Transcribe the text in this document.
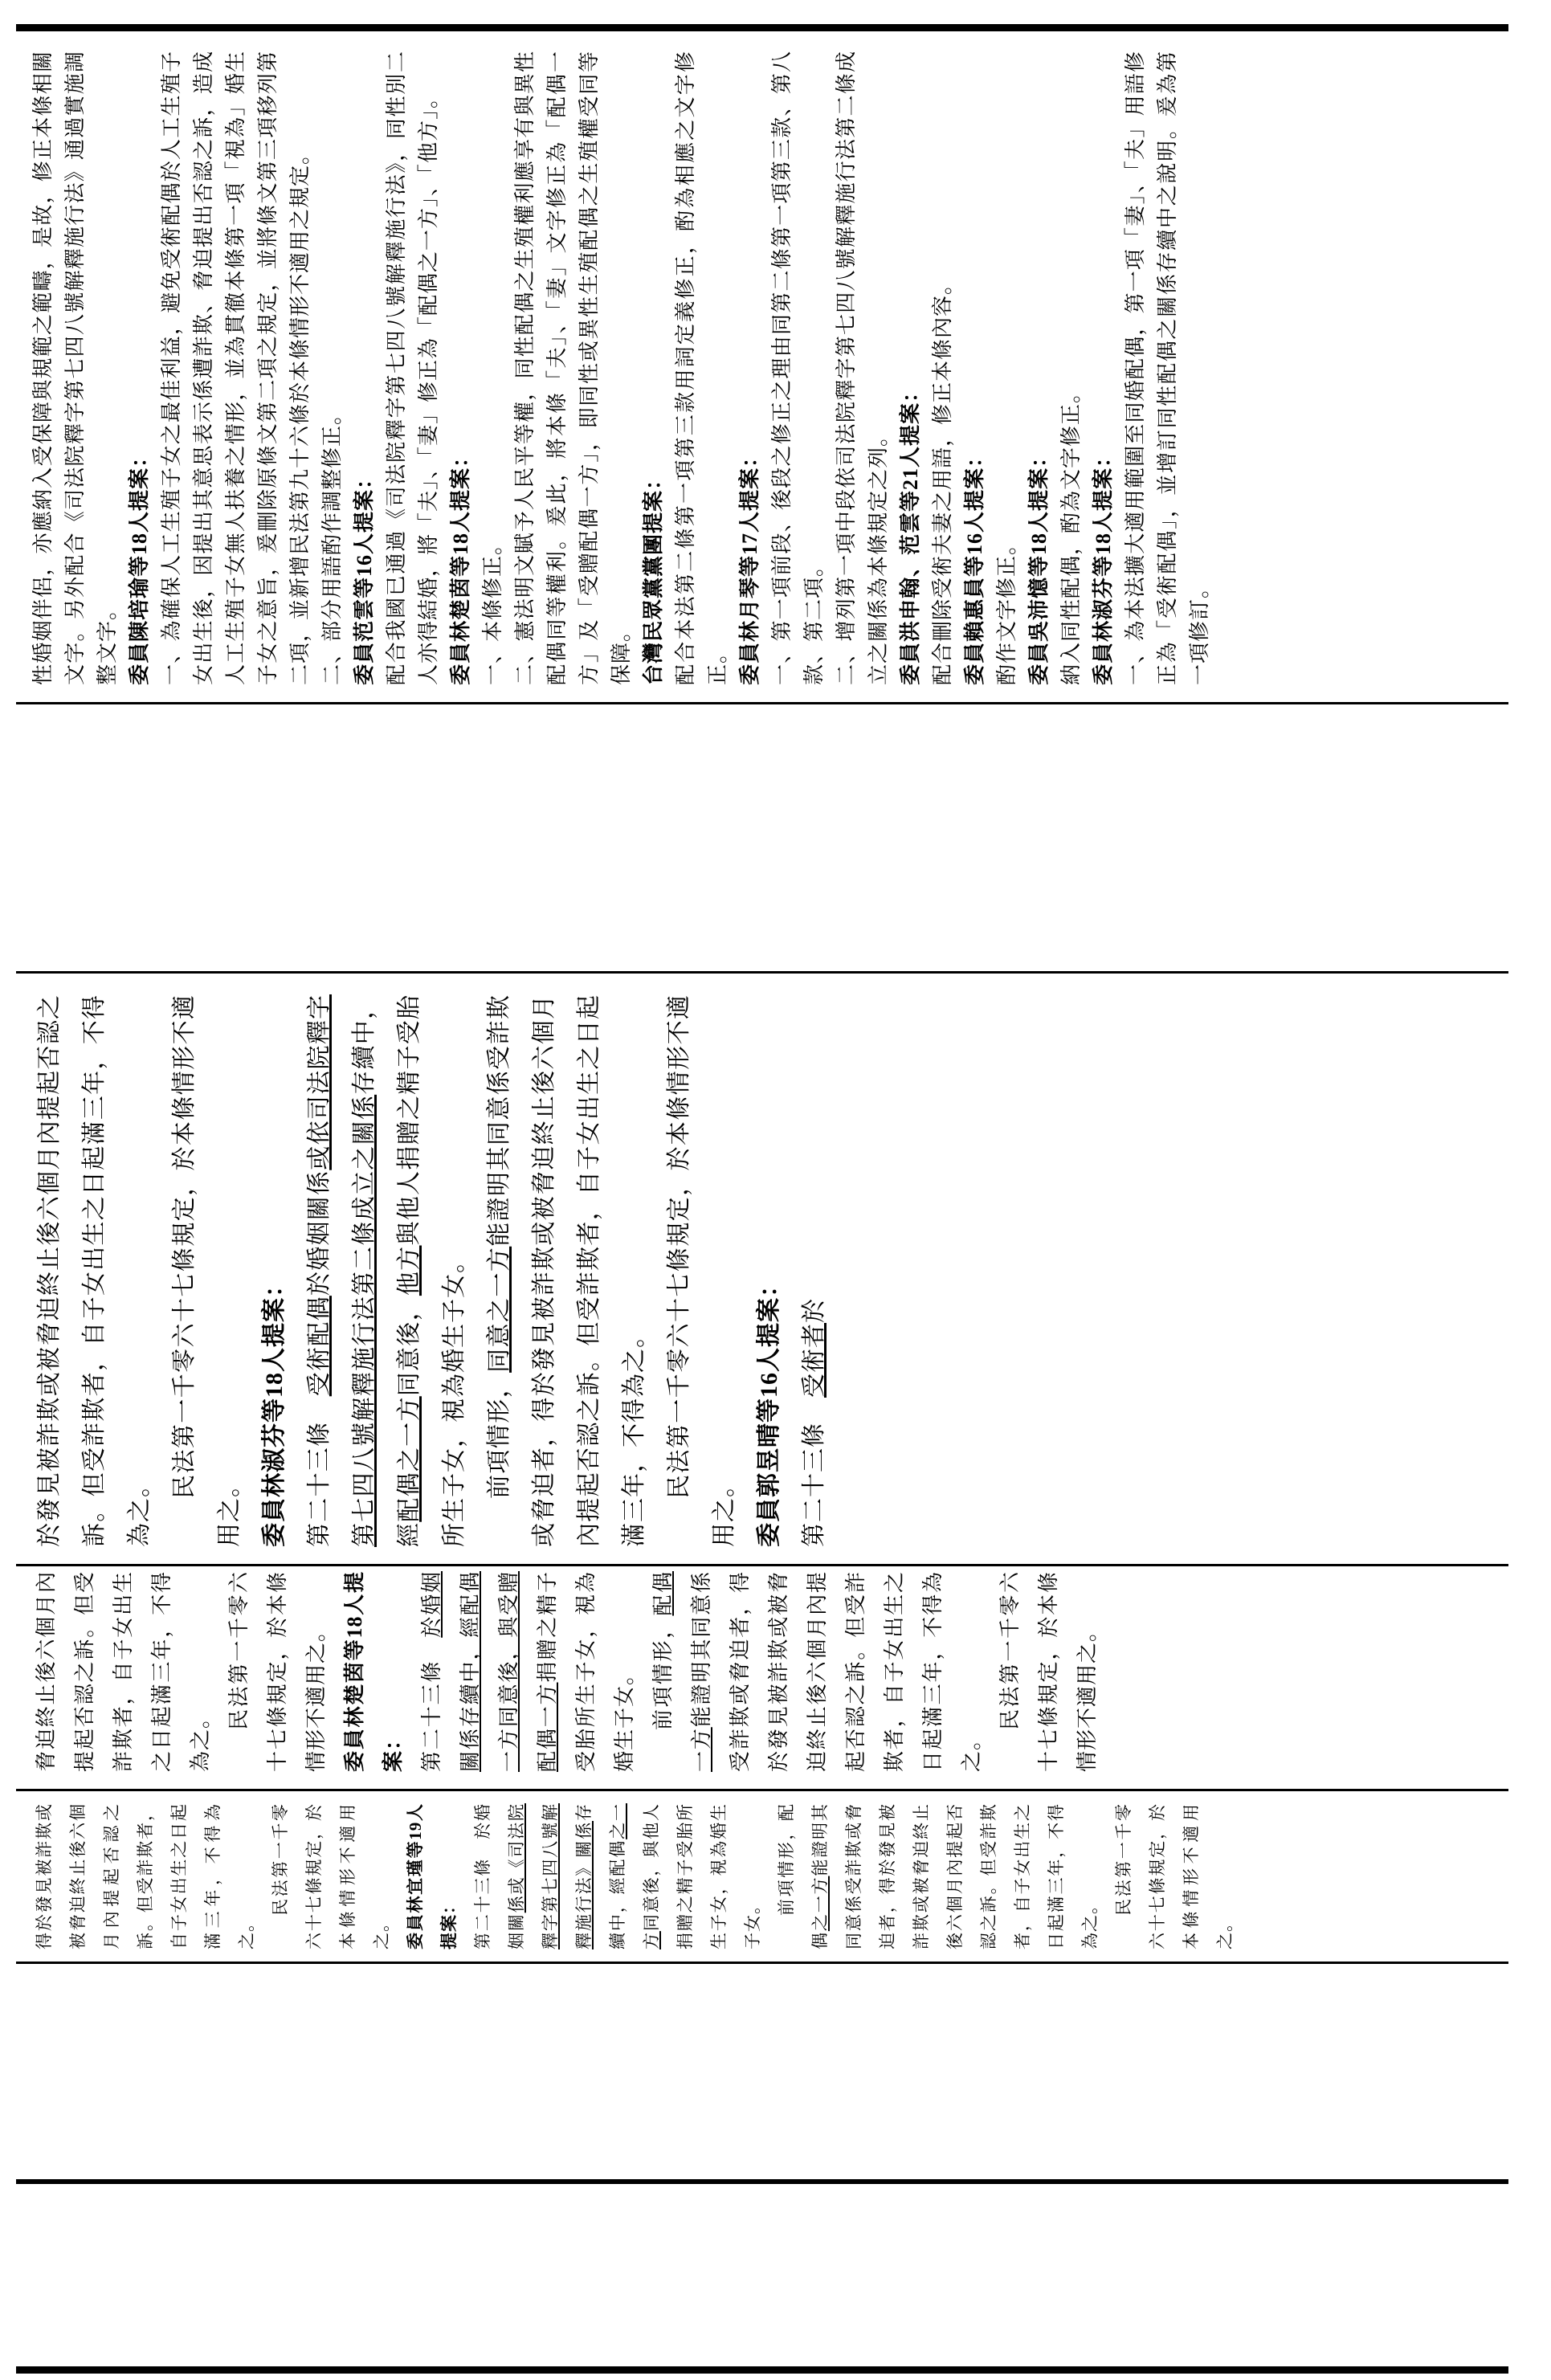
性婚姻伴侶，亦應納入受保障與規範之範疇，是故，修正本條相關文字。另外配合《司法院釋字第七四八號解釋施行法》通過實施調整文字。 委員陳培瑜等18人提案： 一、為確保人工生殖子女之最佳利益，避免受術配偶於人工生殖子女出生後，因提出其意思表示係遭詐欺、脅迫提出否認之訴，造成人工生殖子女無人扶養之情形，並為貫徹本條第一項「視為」婚生子女之意旨，爰刪除原條文第二項之規定，並將條文第三項移列第二項，並新增民法第九十六條於本條情形不適用之規定。 二、部分用語酌作調整修正。 委員范雲等16人提案： 配合我國已通過《司法院釋字第七四八號解釋施行法》，同性別二人亦得結婚，將「夫」、「妻」修正為「配偶之一方」、「他方」。 委員林楚茵等18人提案： 一、本條修正。 二、憲法明文賦予人民平等權，同性配偶之生殖權利應享有與異性配偶同等權利。爰此，將本條「夫」、「妻」文字修正為「配偶一方」及「受贈配偶一方」，即同性或異性生殖配偶之生殖權受同等保障。 台灣民眾黨黨團提案： 配合本法第二條第一項第三款用詞定義修正，酌為相應之文字修正。 委員林月琴等17人提案： 一、第一項前段、後段之修正之理由同第二條第一項第三款、第八款、第二項。 二、增列第一項中段依司法院釋字第七四八號解釋施行法第二條成立之關係為本條規定之列。 委員洪申翰、范雲等21人提案： 配合刪除受術夫妻之用語，修正本條內容。 委員賴惠員等16人提案： 酌作文字修正。 委員吳沛憶等18人提案： 納入同性配偶，酌為文字修正。 委員林淑芬等18人提案： 一、為本法擴大適用範圍至同婚配偶，第一項「妻」、「夫」用語修正為「受術配偶」，並增訂同性配偶之關係存續中之說明。爰為第一項修訂。

於發見被詐欺或被脅迫終止後六個月內提起否認之訴。但受詐欺者，自子女出生之日起滿三年，不得為之。

民法第一千零六十七條規定，於本條情形不適用之。 委員林淑芬等18人提案： 第二十三條　受術配偶於婚姻關係或依司法院釋字第七四八號解釋施行法第二條成立之關係存續中，經配偶之一方同意後，他方與他人捐贈之精子受胎所生子女，視為婚生子女。 前項情形，同意之一方能證明其同意係受詐欺或脅迫者，得於發見被詐欺或被脅迫終止後六個月內提起否認之訴。但受詐欺者，自子女出生之日起滿三年，不得為之。 民法第一千零六十七條規定，於本條情形不適用之。 委員郭昱晴等16人提案： 第二十三條　受術者於

脅迫終止後六個月內提起否認之訴。但受詐欺者，自子女出生之日起滿三年，不得為之。

民法第一千零六十七條規定，於本條情形不適用之。 委員林楚茵等18人提案： 第二十三條　於婚姻關係存續中，經配偶一方同意後，與受贈配偶一方捐贈之精子受胎所生子女，視為婚生子女。 前項情形，配偶一方能證明其同意係受詐欺或脅迫者，得於發見被詐欺或被脅迫終止後六個月內提起否認之訴。但受詐欺者，自子女出生之日起滿三年，不得為之。

民法第一千零六十七條規定，於本條情形不適用之。

得於發見被詐欺或被脅迫終止後六個月內提起否認之訴。但受詐欺者，自子女出生之日起滿三年，不得為之。

民法第一千零六十七條規定，於本條情形不適用之。 委員林宜瑾等19人提案： 第二十三條　於婚姻關係或《司法院釋字第七四八號解釋施行法》關係存續中，經配偶之一方同意後，與他人捐贈之精子受胎所生子女，視為婚生子女。

前項情形，配偶之一方能證明其同意係受詐欺或脅迫者，得於發見被詐欺或被脅迫終止後六個月內提起否認之訴。但受詐欺者，自子女出生之日起滿三年，不得為之。

民法第一千零六十七條規定，於本條情形不適用之。
